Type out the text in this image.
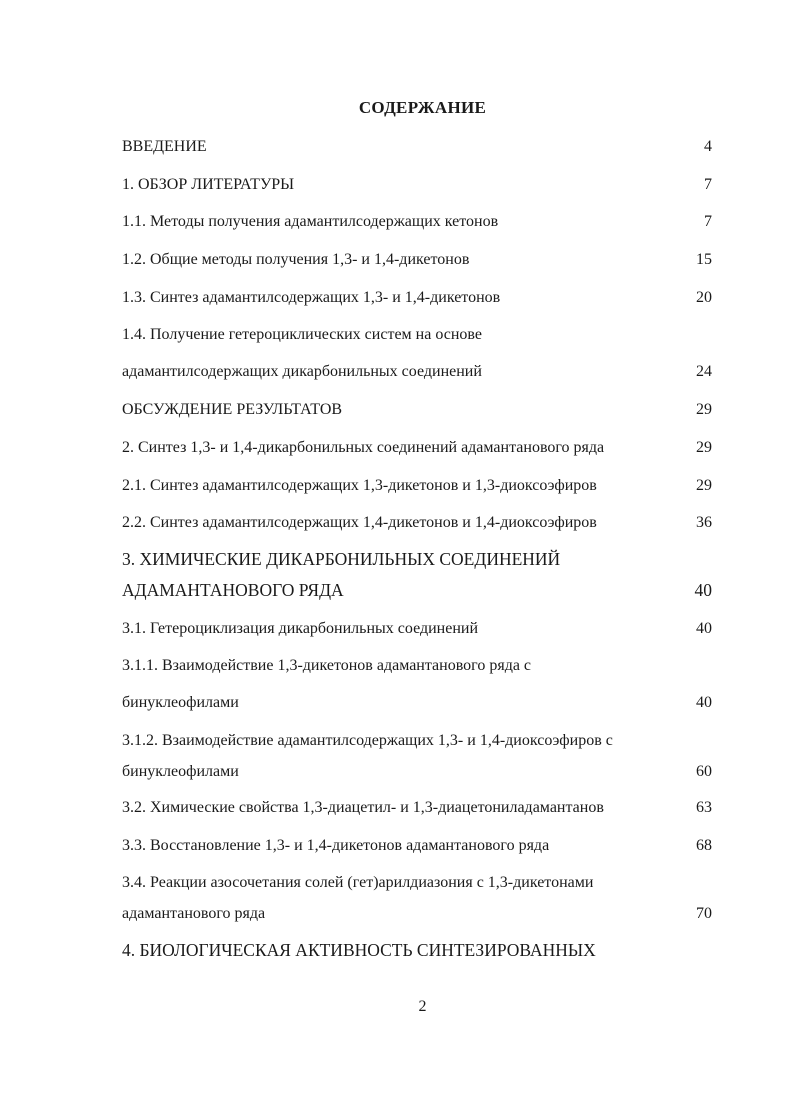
СОДЕРЖАНИЕ
ВВЕДЕНИЕ	4
1. ОБЗОР ЛИТЕРАТУРЫ	7
1.1. Методы получения адамантилсодержащих кетонов	7
1.2. Общие методы получения 1,3- и 1,4-дикетонов	15
1.3. Синтез адамантилсодержащих 1,3- и 1,4-дикетонов	20
1.4. Получение гетероциклических систем на основе
адамантилсодержащих дикарбонильных соединений	24
ОБСУЖДЕНИЕ РЕЗУЛЬТАТОВ	29
2. Синтез 1,3- и 1,4-дикарбонильных соединений адамантанового ряда	29
2.1. Синтез адамантилсодержащих 1,3-дикетонов и 1,3-диоксоэфиров	29
2.2. Синтез адамантилсодержащих 1,4-дикетонов и 1,4-диоксоэфиров	36
3. ХИМИЧЕСКИЕ ДИКАРБОНИЛЬНЫХ СОЕДИНЕНИЙ
АДАМАНТАНОВОГО РЯДА	40
3.1. Гетероциклизация дикарбонильных соединений	40
3.1.1. Взаимодействие 1,3-дикетонов адамантанового ряда с
бинуклеофилами	40
3.1.2. Взаимодействие адамантилсодержащих 1,3- и 1,4-диоксоэфиров с
бинуклеофилами	60
3.2. Химические свойства 1,3-диацетил- и 1,3-диацетониладамантанов	63
3.3. Восстановление 1,3- и 1,4-дикетонов адамантанового ряда	68
3.4. Реакции азосочетания солей (гет)арилдиазония с 1,3-дикетонами
адамантанового ряда	70
4. БИОЛОГИЧЕСКАЯ АКТИВНОСТЬ СИНТЕЗИРОВАННЫХ
2
